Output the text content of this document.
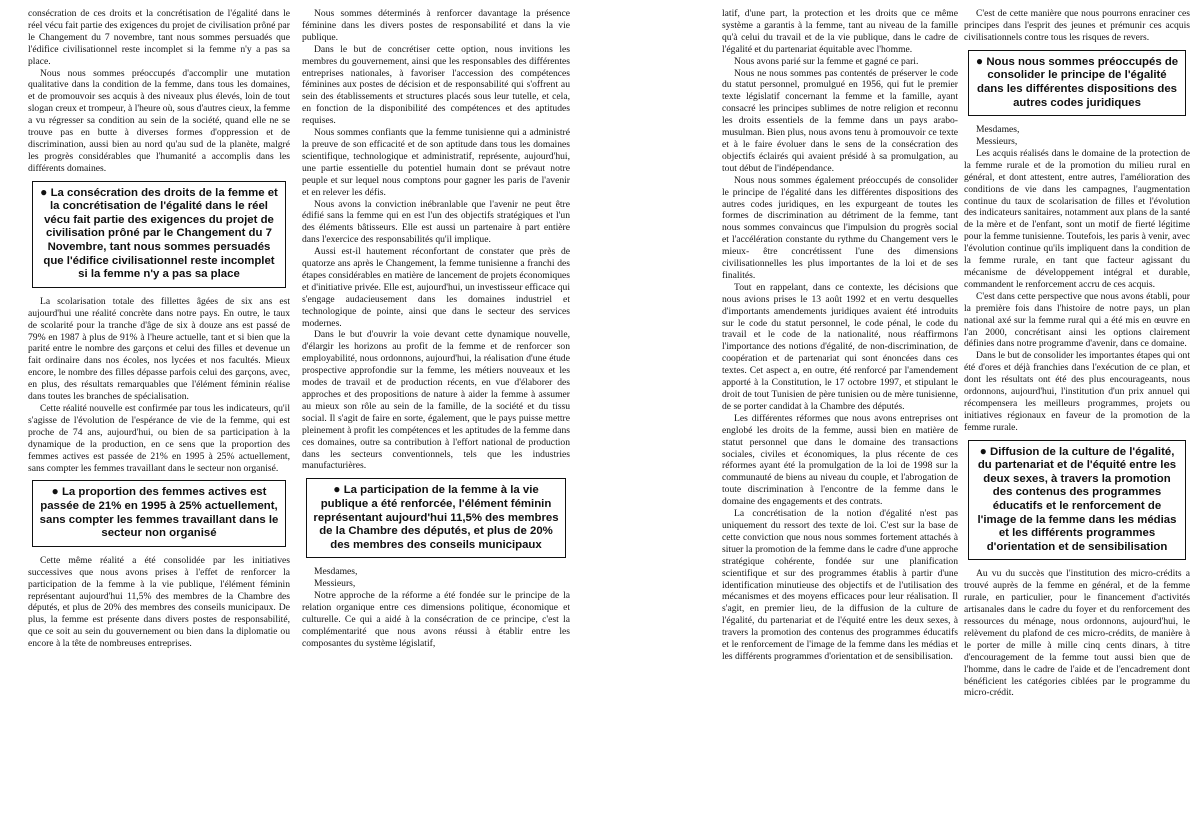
consécration de ces droits et la concrétisation de l'égalité dans le réel vécu fait partie des exigences du projet de civilisation prôné par le Changement du 7 novembre, tant nous sommes persuadés que l'édifice civilisationnel reste incomplet si la femme n'y a pas sa place.

Nous nous sommes préoccupés d'accomplir une mutation qualitative dans la condition de la femme, dans tous les domaines, et de promouvoir ses acquis à des niveaux plus élevés, loin de tout slogan creux et trompeur, à l'heure où, sous d'autres cieux, la femme a vu régresser sa condition au sein de la société, quand elle ne se trouve pas en butte à diverses formes d'oppression et de discrimination, aussi bien au nord qu'au sud de la planète, malgré les progrès considérables que l'humanité a accomplis dans les différents domaines.

● La consécration des droits de la femme et la concrétisation de l'égalité dans le réel vécu fait partie des exigences du projet de civilisation prôné par le Changement du 7 Novembre, tant nous sommes persuadés que l'édifice civilisationnel reste incomplet si la femme n'y a pas sa place

La scolarisation totale des fillettes âgées de six ans est aujourd'hui une réalité concrète dans notre pays. En outre, le taux de scolarité pour la tranche d'âge de six à douze ans est passé de 79% en 1987 à plus de 91% à l'heure actuelle, tant et si bien que la parité entre le nombre des garçons et celui des filles et devenue un fait ordinaire dans nos écoles, nos lycées et nos facultés. Mieux encore, le nombre des filles dépasse parfois celui des garçons, avec, en plus, des résultats remarquables que l'élément féminin réalise dans toutes les branches de spécialisation.

Cette réalité nouvelle est confirmée par tous les indicateurs, qu'il s'agisse de l'évolution de l'espérance de vie de la femme, qui est proche de 74 ans, aujourd'hui, ou bien de sa participation à la dynamique de la production, en ce sens que la proportion des femmes actives est passée de 21% en 1995 à 25% actuellement, sans compter les femmes travaillant dans le secteur non organisé.

● La proportion des femmes actives est passée de 21% en 1995 à 25% actuellement, sans compter les femmes travaillant dans le secteur non organisé

Cette même réalité a été consolidée par les initiatives successives que nous avons prises à l'effet de renforcer la participation de la femme à la vie publique, l'élément féminin représentant aujourd'hui 11,5% des membres de la Chambre des députés, et plus de 20% des membres des conseils municipaux. De plus, la femme est présente dans divers postes de responsabilité, que ce soit au sein du gouvernement ou bien dans la diplomatie ou encore à la tête de nombreuses entreprises.

Nous sommes déterminés à renforcer davantage la présence féminine dans les divers postes de responsabilité et dans la vie publique.

Dans le but de concrétiser cette option, nous invitions les membres du gouvernement, ainsi que les responsables des différentes entreprises nationales, à favoriser l'accession des compétences féminines aux postes de décision et de responsabilité qui s'offrent au sein des établissements et structures placés sous leur tutelle, et cela, en fonction de la disponibilité des compétences et des aptitudes requises.

Nous sommes confiants que la femme tunisienne qui a administré la preuve de son efficacité et de son aptitude dans tous les domaines scientifique, technologique et administratif, représente, aujourd'hui, une partie essentielle du potentiel humain dont se prévaut notre peuple et sur lequel nous comptons pour gagner les paris de l'avenir et en relever les défis.

Nous avons la conviction inébranlable que l'avenir ne peut être édifié sans la femme qui en est l'un des objectifs stratégiques et l'un des éléments bâtisseurs. Elle est aussi un partenaire à part entière dans l'exercice des responsabilités qu'il implique.

Aussi est-il hautement réconfortant de constater que près de quatorze ans après le Changement, la femme tunisienne a franchi des étapes considérables en matière de lancement de projets économiques et d'initiative privée. Elle est, aujourd'hui, un investisseur efficace qui s'engage audacieusement dans les domaines industriel et technologique de pointe, ainsi que dans le secteur des services modernes.

Dans le but d'ouvrir la voie devant cette dynamique nouvelle, d'élargir les horizons au profit de la femme et de renforcer son employabilité, nous ordonnons, aujourd'hui, la réalisation d'une étude prospective approfondie sur la femme, les métiers nouveaux et les modes de travail et de production récents, en vue d'élaborer des approches et des propositions de nature à aider la femme à assumer au mieux son rôle au sein de la famille, de la société et du tissu social. Il s'agit de faire en sorte, également, que le pays puisse mettre pleinement à profit les compétences et les aptitudes de la femme dans ces domaines, outre sa contribution à l'effort national de production dans les secteurs conventionnels, tels que les industries manufacturières.

● La participation de la femme à la vie publique a été renforcée, l'élément féminin représentant aujourd'hui 11,5% des membres de la Chambre des députés, et plus de 20% des membres des conseils municipaux

Mesdames,

Messieurs,

Notre approche de la réforme a été fondée sur le principe de la relation organique entre ces dimensions politique, économique et culturelle. Ce qui a aidé à la consécration de ce principe, c'est la complémentarité que nous avons réussi à établir entre les composantes du système législatif,

latif, d'une part, la protection et les droits que ce même système a garantis à la femme, tant au niveau de la famille qu'à celui du travail et de la vie publique, dans le cadre de l'égalité et du partenariat équitable avec l'homme.

Nous avons parié sur la femme et gagné ce pari.

Nous ne nous sommes pas contentés de préserver le code du statut personnel, promulgué en 1956, qui fut le premier texte législatif concernant la femme et la famille, ayant consacré les principes sublimes de notre religion et reconnu les droits essentiels de la femme dans un pays arabo-musulman. Bien plus, nous avons tenu à promouvoir ce texte et à le faire évoluer dans le sens de la consécration des objectifs éclairés qui avaient présidé à sa promulgation, au tout début de l'indépendance.

Nous nous sommes également préoccupés de consolider le principe de l'égalité dans les différentes dispositions des autres codes juridiques, en les expurgeant de toutes les formes de discrimination au détriment de la femme, tant nous sommes convaincus que l'impulsion du progrès social et l'accélération constante du rythme du Changement vers le mieux- être concrétissent l'une des dimensions civilisationnelles les plus importantes de la loi et de ses finalités.

Tout en rappelant, dans ce contexte, les décisions que nous avions prises le 13 août 1992 et en vertu desquelles d'importants amendements juridiques avaient été introduits sur le code du statut personnel, le code pénal, le code du travail et le code de la nationalité, nous réaffirmons l'importance des notions d'égalité, de non-discrimination, de coopération et de partenariat qui sont énoncées dans ces textes. Cet aspect a, en outre, été renforcé par l'amendement apporté à la Constitution, le 17 octobre 1997, et stipulant le droit de tout Tunisien de père tunisien ou de mère tunisienne, de se porter candidat à la Chambre des députés.

Les différentes réformes que nous avons entreprises ont englobé les droits de la femme, aussi bien en matière de statut personnel que dans le domaine des transactions sociales, civiles et économiques, la plus récente de ces réformes ayant été la promulgation de la loi de 1998 sur la communauté de biens au niveau du couple, et l'abrogation de toute discrimination à l'encontre de la femme dans le domaine des engagements et des contrats.

La concrétisation de la notion d'égalité n'est pas uniquement du ressort des texte de loi. C'est sur la base de cette conviction que nous nous sommes fortement attachés à situer la promotion de la femme dans le cadre d'une approche stratégique cohérente, fondée sur une planification scientifique et sur des programmes établis à partir d'une identification minutieuse des objectifs et de l'utilisation des mécanismes et des moyens efficaces pour leur réalisation. Il s'agit, en premier lieu, de la diffusion de la culture de l'égalité, du partenariat et de l'équité entre les deux sexes, à travers la promotion des contenus des programmes éducatifs et le renforcement de l'image de la femme dans les médias et les différents programmes d'orientation et de sensibilisation.

C'est de cette manière que nous pourrons enraciner ces principes dans l'esprit des jeunes et prémunir ces acquis civilisationnels contre tous les risques de revers.

● Nous nous sommes préoccupés de consolider le principe de l'égalité dans les différentes dispositions des autres codes juridiques

Mesdames,

Messieurs,

Les acquis réalisés dans le domaine de la protection de la femme rurale et de la promotion du milieu rural en général, et dont attestent, entre autres, l'amélioration des conditions de vie dans les campagnes, l'augmentation continue du taux de scolarisation de filles et l'évolution des indicateurs sanitaires, notamment aux plans de la santé de la mère et de l'enfant, sont un motif de fierté légitime pour la femme tunisienne. Toutefois, les paris à venir, avec l'évolution continue qu'ils impliquent dans la condition de la femme rurale, en tant que facteur agissant du mécanisme de développement intégral et durable, commandent le renforcement accru de ces acquis.

C'est dans cette perspective que nous avons établi, pour la première fois dans l'histoire de notre pays, un plan national axé sur la femme rural qui a été mis en œuvre en l'an 2000, concrétisant ainsi les options clairement définies dans notre programme d'avenir, dans ce domaine.

Dans le but de consolider les importantes étapes qui ont été d'ores et déjà franchies dans l'exécution de ce plan, et dont les résultats ont été des plus encourageants, nous ordonnons, aujourd'hui, l'institution d'un prix annuel qui récompensera les meilleurs programmes, projets ou initiatives régionaux en faveur de la promotion de la femme rurale.

● Diffusion de la culture de l'égalité, du partenariat et de l'équité entre les deux sexes, à travers la promotion des contenus des programmes éducatifs et le renforcement de l'image de la femme dans les médias et les différents programmes d'orientation et de sensibilisation

Au vu du succès que l'institution des micro-crédits a trouvé auprès de la femme en général, et de la femme rurale, en particulier, pour le financement d'activités artisanales dans le cadre du foyer et du renforcement des ressources du ménage, nous ordonnons, aujourd'hui, le relèvement du plafond de ces micro-crédits, de manière à le porter de mille à mille cinq cents dinars, à titre d'encouragement de la femme tout aussi bien que de l'homme, dans le cadre de l'aide et de l'encadrement dont bénéficient les catégories ciblées par le programme du micro-crédit.
